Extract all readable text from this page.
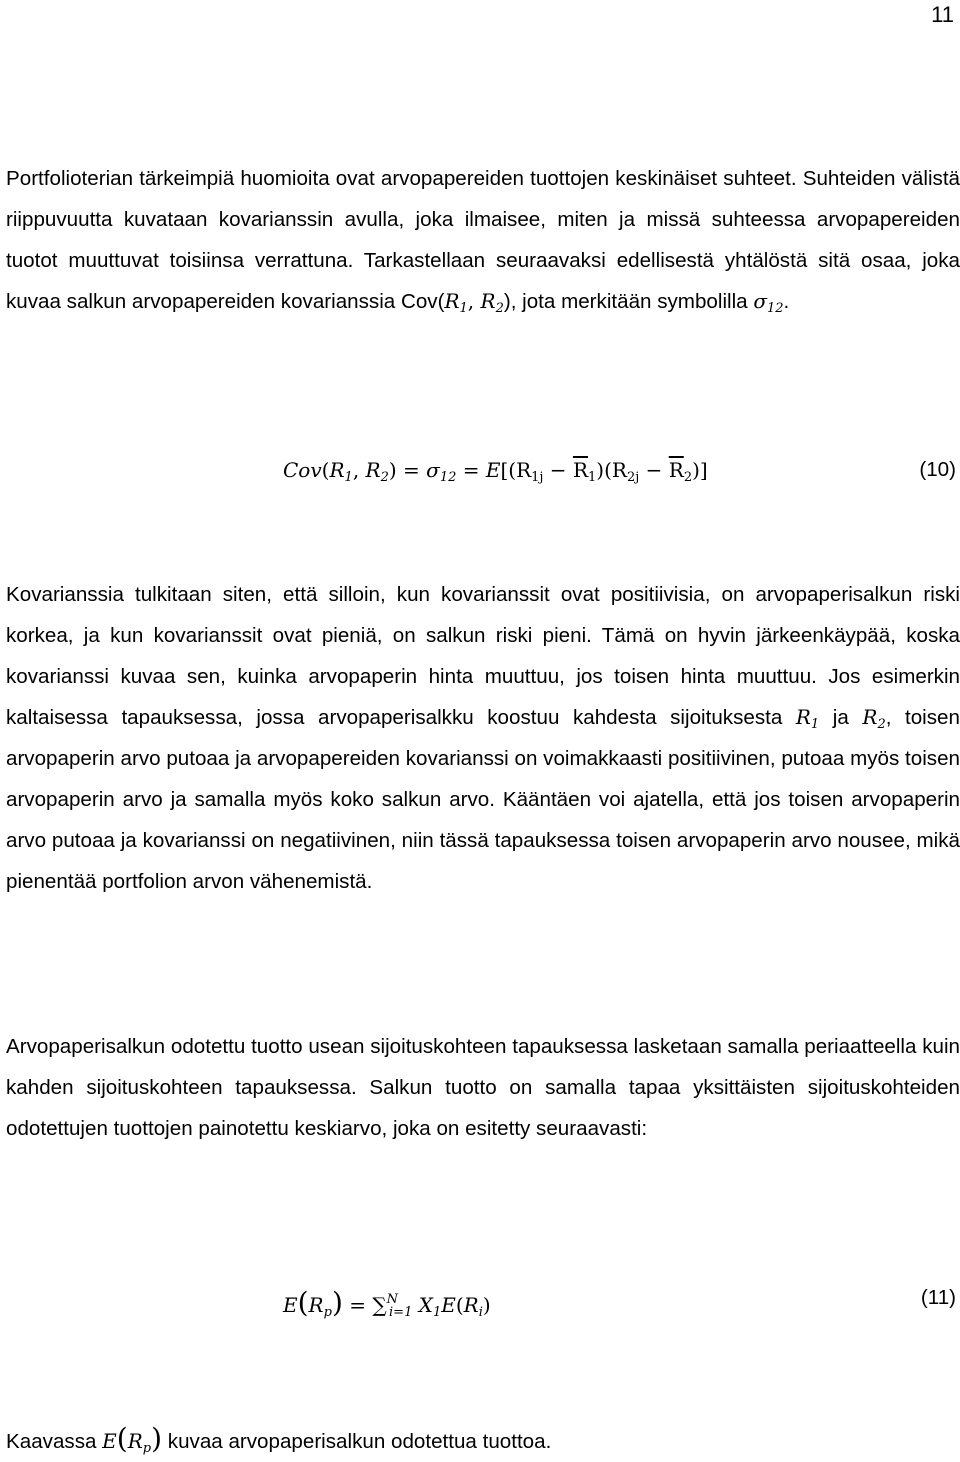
11

Portfolioterian tärkeimpiä huomioita ovat arvopapereiden tuottojen keskinäiset suhteet. Suhteiden välistä riippuvuutta kuvataan kovarianssin avulla, joka ilmaisee, miten ja missä suhteessa arvopapereiden tuotot muuttuvat toisiinsa verrattuna. Tarkastellaan seuraavaksi edellisestä yhtälöstä sitä osaa, joka kuvaa salkun arvopapereiden kovarianssia $Cov(R_1$, $R_2$), jota merkitään symbolilla $\sigma_{12}$.

$Cov(R_1$, $R_2) = \sigma_{12} = E[(R_{1j} - \overline{R}_1)(R_{2j} - \overline{R}_2)]$	(10)

Kovarianssia tulkitaan siten, että silloin, kun kovarianssit ovat positiivisia, on arvopaperisalkun riski korkea, ja kun kovarianssit ovat pieniä, on salkun riski pieni. Tämä on hyvin järkeenkäypää, koska kovarianssi kuvaa sen, kuinka arvopaperin hinta muuttuu, jos toisen hinta muuttuu. Jos esimerkin kaltaisessa tapauksessa, jossa arvopaperisalkku koostuu kahdesta sijoituksesta $R_1$ ja $R_2$, toisen arvopaperin arvo putoaa ja arvopapereiden kovarianssi on voimakkaasti positiivinen, putoaa myös toisen arvopaperin arvo ja samalla myös koko salkun arvo. Kääntäen voi ajatella, että jos toisen arvopaperin arvo putoaa ja kovarianssi on negatiivinen, niin tässä tapauksessa toisen arvopaperin arvo nousee, mikä pienentää portfolion arvon vähenemistä.

Arvopaperisalkun odotettu tuotto usean sijoituskohteen tapauksessa lasketaan samalla periaatteella kuin kahden sijoituskohteen tapauksessa. Salkun tuotto on samalla tapaa yksittäisten sijoituskohteiden odotettujen tuottojen painotettu keskiarvo, joka on esitetty seuraavasti:

$E(R_p) = \sum^N_{i=1}$ $X_1E(R_i)$	(11)

Kaavassa $E(R_p)$ kuvaa arvopaperisalkun odotettua tuottoa.
